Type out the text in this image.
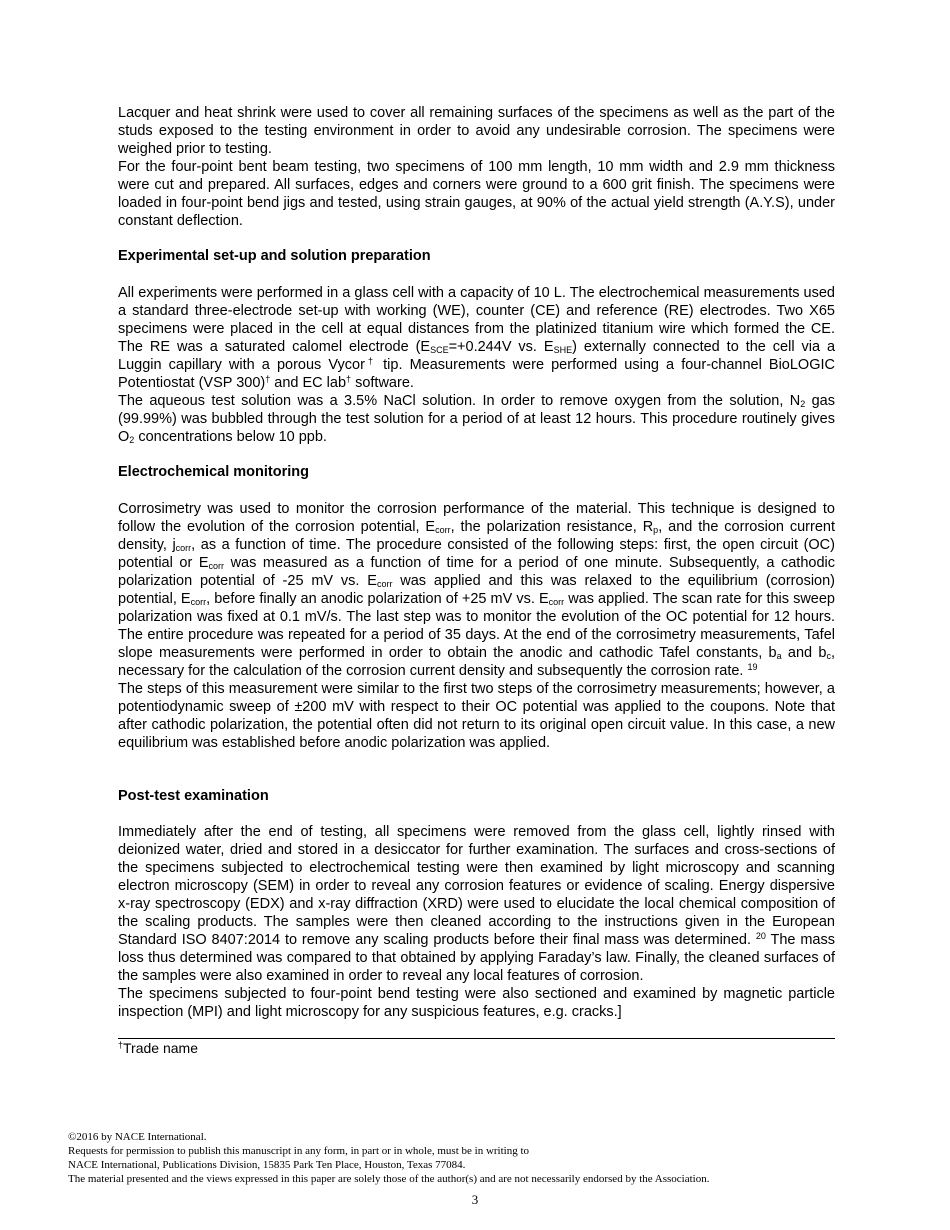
Lacquer and heat shrink were used to cover all remaining surfaces of the specimens as well as the part of the studs exposed to the testing environment in order to avoid any undesirable corrosion. The specimens were weighed prior to testing.

For the four-point bent beam testing, two specimens of 100 mm length, 10 mm width and 2.9 mm thickness were cut and prepared. All surfaces, edges and corners were ground to a 600 grit finish. The specimens were loaded in four-point bend jigs and tested, using strain gauges, at 90% of the actual yield strength (A.Y.S), under constant deflection.

Experimental set-up and solution preparation

All experiments were performed in a glass cell with a capacity of 10 L. The electrochemical measurements used a standard three-electrode set-up with working (WE), counter (CE) and reference (RE) electrodes. Two X65 specimens were placed in the cell at equal distances from the platinized titanium wire which formed the CE. The RE was a saturated calomel electrode ($E_{SCE}=+0.244V$ vs. $E_{SHE}$) externally connected to the cell via a Luggin capillary with a porous Vycor† tip. Measurements were performed using a four-channel BioLOGIC Potentiostat (VSP 300)† and EC lab† software.

The aqueous test solution was a 3.5% NaCl solution. In order to remove oxygen from the solution, $N_2$ gas (99.99%) was bubbled through the test solution for a period of at least 12 hours. This procedure routinely gives $O_2$ concentrations below 10 ppb.

Electrochemical monitoring

Corrosimetry was used to monitor the corrosion performance of the material. This technique is designed to follow the evolution of the corrosion potential, $E_{corr}$, the polarization resistance, $R_p$, and the corrosion current density, $j_{corr}$, as a function of time. The procedure consisted of the following steps: first, the open circuit (OC) potential or $E_{corr}$ was measured as a function of time for a period of one minute. Subsequently, a cathodic polarization potential of -25 mV vs. $E_{corr}$ was applied and this was relaxed to the equilibrium (corrosion) potential, $E_{corr}$, before finally an anodic polarization of +25 mV vs. $E_{corr}$ was applied. The scan rate for this sweep polarization was fixed at 0.1 mV/s. The last step was to monitor the evolution of the OC potential for 12 hours. The entire procedure was repeated for a period of 35 days. At the end of the corrosimetry measurements, Tafel slope measurements were performed in order to obtain the anodic and cathodic Tafel constants, $b_a$ and $b_c$, necessary for the calculation of the corrosion current density and subsequently the corrosion rate. $^{19}$

The steps of this measurement were similar to the first two steps of the corrosimetry measurements; however, a potentiodynamic sweep of ±200 mV with respect to their OC potential was applied to the coupons. Note that after cathodic polarization, the potential often did not return to its original open circuit value. In this case, a new equilibrium was established before anodic polarization was applied.

Post-test examination

Immediately after the end of testing, all specimens were removed from the glass cell, lightly rinsed with deionized water, dried and stored in a desiccator for further examination. The surfaces and cross-sections of the specimens subjected to electrochemical testing were then examined by light microscopy and scanning electron microscopy (SEM) in order to reveal any corrosion features or evidence of scaling. Energy dispersive x-ray spectroscopy (EDX) and x-ray diffraction (XRD) were used to elucidate the local chemical composition of the scaling products. The samples were then cleaned according to the instructions given in the European Standard ISO 8407:2014 to remove any scaling products before their final mass was determined. $^{20}$ The mass loss thus determined was compared to that obtained by applying Faraday’s law. Finally, the cleaned surfaces of the samples were also examined in order to reveal any local features of corrosion.

The specimens subjected to four-point bend testing were also sectioned and examined by magnetic particle inspection (MPI) and light microscopy for any suspicious features, e.g. cracks.]

†Trade name
©2016 by NACE International.
Requests for permission to publish this manuscript in any form, in part or in whole, must be in writing to
NACE International, Publications Division, 15835 Park Ten Place, Houston, Texas 77084.
The material presented and the views expressed in this paper are solely those of the author(s) and are not necessarily endorsed by the Association.
3
